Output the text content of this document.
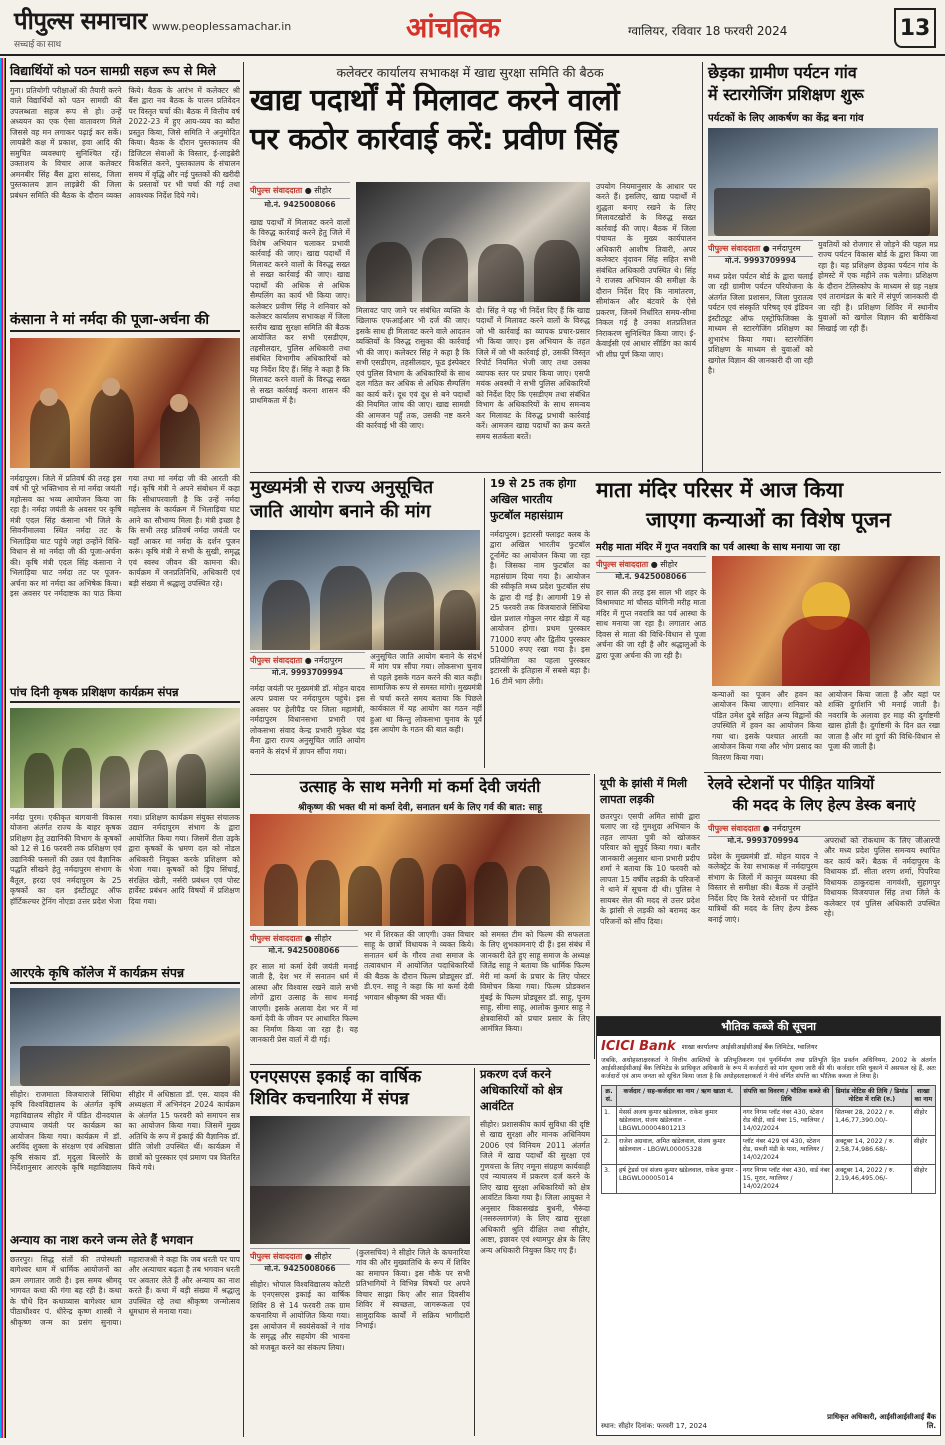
पीपुल्स समाचार
सच्चाई का साथ
www.peoplessamachar.in	आंचलिक	ग्वालियर, रविवार 18 फरवरी 2024	13
विद्यार्थियों को पठन सामग्री सहज रूप से मिले
गुना। प्रतियोगी परीक्षाओं की तैयारी करने वाले विद्यार्थियों को पठन सामग्री की उपलब्धता सहज रूप से हो। उन्हें अध्ययन का एक ऐसा वातावरण मिले जिससे वह मन लगाकर पढ़ाई कर सकें। लायब्रेरी कक्ष में प्रकाश, हवा आदि की समुचित व्यवस्थाएं सुनिश्चित रहें। उक्ताशय के विचार आज कलेक्टर अमनबीर सिंह बैंस द्वारा सांसद, जिला पुस्तकालय ज्ञान लाइब्रेरी की जिला प्रबंधन समिति की बैठक के दौरान व्यक्त किये। बैठक के आरंभ में कलेक्टर श्री बैंस द्वारा नव बैठक के पालन प्रतिवेदन पर विस्तृत चर्चा की। बैठक में वित्तीय वर्ष 2022-23 में हुए आय-व्यय का ब्यौरा प्रस्तुत किया, जिसे समिति ने अनुमोदित किया। बैठक के दौरान पुस्तकालय की डिजिटल सेवाओं के विस्तार, ई-लाइब्रेरी विकसित करने, पुस्तकालय के संचालन समय में वृद्धि और नई पुस्तकों की खरीदी के प्रस्तावों पर भी चर्चा की गई तथा आवश्यक निर्देश दिये गये।
कंसाना ने मां नर्मदा की पूजा-अर्चना की
नर्मदापुरम। जिले में प्रतिवर्ष की तरह इस वर्ष भी पूरे भक्तिभाव से मां नर्मदा जयंती महोत्सव का भव्य आयोजन किया जा रहा है। नर्मदा जयंती के अवसर पर कृषि मंत्री एदल सिंह कंसाना भी जिले के सिवनीमालवा स्थित नर्मदा तट के भिलाड़िया घाट पहुंचे जहां उन्होंने विधि-विधान से मां नर्मदा जी की पूजा-अर्चना की। कृषि मंत्री एदल सिंह कंसाना ने भिलाड़िया घाट नर्मदा तट पर पूजन-अर्चना कर मां नर्मदा का अभिषेक किया। इस अवसर पर नर्मदाष्टक का पाठ किया गया तथा मां नर्मदा जी की आरती की गई। कृषि मंत्री ने अपने संबोधन में कहा कि सीधापरवाली है कि उन्हें नर्मदा महोत्सव के कार्यक्रम में भिलाड़िया घाट आने का सौभाग्य मिला है। मंत्री इच्छा है कि सभी तरह प्रतिवर्ष नर्मदा जयंती पर यहाँ आकर मां नर्मदा के दर्शन पूजन करूं। कृषि मंत्री ने सभी के सुखी, समृद्ध एवं स्वस्थ जीवन की कामना की। कार्यक्रम में जनप्रतिनिधि, अधिकारी एवं बड़ी संख्या में श्रद्धालु उपस्थित रहे।
पांच दिनी कृषक प्रशिक्षण कार्यक्रम संपन्न
नर्मदा पुरम। एकीकृत बागवानी विकास योजना अंतर्गत राज्य के बाहर कृषक प्रशिक्षण हेतु उद्यानिकी विभाग के कृषकों को 12 से 16 फरवरी तक प्रशिक्षण एवं उद्यानिकी फसलों की उन्नत एवं वैज्ञानिक पद्धति सीखने हेतु नर्मदापुरम संभाग के बैतूल, हरदा एवं नर्मदापुरम के 25 कृषकों का दल इंस्टीट्यूट ऑफ हॉर्टिकल्चर ट्रेनिंग नोएडा उत्तर प्रदेश भेजा गया। प्रशिक्षण कार्यक्रम संयुक्त संचालक उद्यान नर्मदापुरम संभाग के द्वारा आयोजित किया गया। जिसमें रीता उइके द्वारा कृषकों के भ्रमण दल को नोडल अधिकारी नियुक्त करके प्रशिक्षण को भेजा गया। कृषकों को ड्रिप सिंचाई, संरक्षित खेती, नर्सरी प्रबंधन एवं पोस्ट हार्वेस्ट प्रबंधन आदि विषयों में प्रशिक्षण दिया गया।
आरएके कृषि कॉलेज में कार्यक्रम संपन्न
सीहोर। राजमाता विजयाराजे सिंधिया कृषि विश्वविद्यालय के अंतर्गत कृषि महाविद्यालय सीहोर में पंडित दीनदयाल उपाध्याय जयंती पर कार्यक्रम का आयोजन किया गया। कार्यक्रम में डॉ. अरविंद शुक्ला के संरक्षण एवं अधिष्ठाता कृषि संकाय डॉ. मृदुला बिल्लोरे के निर्देशानुसार आरएके कृषि महाविद्यालय सीहोर में अधिष्ठाता डॉ. एस. यादव की अध्यक्षता में अभिनंदन 2024 कार्यक्रम के अंतर्गत 15 फरवरी को समापन सत्र का आयोजन किया गया। जिसमें मुख्य अतिथि के रूप में इकाई की वैज्ञानिक डॉ. प्रीति जोशी उपस्थित थीं। कार्यक्रम में छात्रों को पुरस्कार एवं प्रमाण पत्र वितरित किये गये।
अन्याय का नाश करने जन्म लेते हैं भगवान
छतरपुर। सिद्ध संतों की तपोस्थली बागेश्वर धाम में धार्मिक आयोजनों का क्रम लगातार जारी है। इस समय श्रीमद् भागवत कथा की गंगा बह रही है। कथा के चौथे दिन कथाव्यास बागेश्वर धाम पीठाधीश्वर पं. धीरेन्द्र कृष्ण शास्त्री ने श्रीकृष्ण जन्म का प्रसंग सुनाया। महाराजश्री ने कहा कि जब धरती पर पाप और अत्याचार बढ़ता है तब भगवान धरती पर अवतार लेते हैं और अन्याय का नाश करते हैं। कथा में बड़ी संख्या में श्रद्धालु उपस्थित रहे तथा श्रीकृष्ण जन्मोत्सव धूमधाम से मनाया गया।
कलेक्टर कार्यालय सभाकक्ष में खाद्य सुरक्षा समिति की बैठक
खाद्य पदार्थों में मिलावट करने वालों
पर कठोर कार्रवाई करें: प्रवीण सिंह
पीपुल्स संवाददाता ● सीहोर
मो.नं. 9425008066
खाद्य पदार्थों में मिलावट करने वालों के विरुद्ध कार्रवाई करने हेतु जिले में विशेष अभियान चलाकर प्रभावी कार्रवाई की जाए। खाद्य पदार्थों में मिलावट करने वालों के विरुद्ध सख्त से सख्त कार्रवाई की जाए। खाद्य पदार्थों की अधिक से अधिक सैम्पलिंग का कार्य भी किया जाए। कलेक्टर प्रवीण सिंह ने शनिवार को कलेक्टर कार्यालय सभाकक्ष में जिला स्तरीय खाद्य सुरक्षा समिति की बैठक आयोजित कर सभी एसडीएम, तहसीलदार, पुलिस अधिकारी तथा संबंधित विभागीय अधिकारियों को यह निर्देश दिए हैं। सिंह ने कहा है कि मिलावट करने वालों के विरुद्ध सख्त से सख्त कार्रवाई करना शासन की प्राथमिकता में है।
मिलावट पाए जाने पर संबंधित व्यक्ति के खिलाफ एफआईआर भी दर्ज की जाए। इसके साथ ही मिलावट करने वाले आदतन व्यक्तियों के विरुद्ध रासुका की कार्रवाई भी की जाए। कलेक्टर सिंह ने कहा है कि सभी एसडीएम, तहसीलदार, फूड इंस्पेक्टर एवं पुलिस विभाग के अधिकारियों के साथ दल गठित कर अधिक से अधिक सैम्पलिंग का कार्य करें। दूध एवं दूध से बने पदार्थों की नियमित जांच की जाए। खाद्य सामग्री की आमजन पहुँ तक, उसकी नष्ट करने की कार्रवाई भी की जाए।
दो। सिंह ने यह भी निर्देश दिए हैं कि खाद्य पदार्थों में मिलावट करने वालों के विरुद्ध जो भी कार्रवाई का व्यापक प्रचार-प्रसार भी किया जाए। इस अभियान के तहत जिले में जो भी कार्रवाई हो, उसकी विस्तृत रिपोर्ट नियमित भेजी जाए तथा उसका व्यापक स्तर पर प्रचार किया जाए। एसपी मयंक अवस्थी ने सभी पुलिस अधिकारियों को निर्देश दिए कि एसडीएम तथा संबंधित विभाग के अधिकारियों के साथ समन्वय कर मिलावट के विरुद्ध प्रभावी कार्रवाई करें। आमजन खाद्य पदार्थों का क्रय करते समय सतर्कता बरतें।
उपयोग नियमानुसार के आधार पर करते हैं। इसलिए, खाद्य पदार्थों में शुद्धता बनाए रखने के लिए मिलावटखोरों के विरुद्ध सख्त कार्रवाई की जाए। बैठक में जिला पंचायत के मुख्य कार्यपालन अधिकारी आशीष तिवारी, अपर कलेक्टर वृंदावन सिंह सहित सभी संबंधित अधिकारी उपस्थित थे। सिंह ने राजस्व अभियान की समीक्षा के दौरान निर्देश दिए कि नामांतरण, सीमांकन और बंटवारे के ऐसे प्रकरण, जिनमें निर्धारित समय-सीमा निकल गई है उनका शतप्रतिशत निराकरण सुनिश्चित किया जाए। ई-केवाईसी एवं आधार सीडिंग का कार्य भी शीघ्र पूर्ण किया जाए।
मुख्यमंत्री से राज्य अनुसूचित
जाति आयोग बनाने की मांग
पीपुल्स संवाददाता ● नर्मदापुरम
मो.नं. 9993709994
नर्मदा जयंती पर मुख्यमंत्री डॉ. मोहन यादव अल्प प्रवास पर नर्मदापुरम पहुंचे। इस अवसर पर हेलीपैड पर जिला महामंत्री, नर्मदापुरम विधानसभा प्रभारी एवं लोकसभा संवाद केन्द्र प्रभारी मुकेश चंद्र मैना द्वारा राज्य अनुसूचित जाति आयोग बनाने के संदर्भ में ज्ञापन सौंपा गया।
अनुसूचित जाति आयोग बनाने के संदर्भ में मांग पत्र सौंपा गया। लोकसभा चुनाव से पहले इसके गठन करने की बात कही। सामाजिक रूप से समस्त मांगो। मुख्यमंत्री से चर्चा करते समय बताया कि पिछले कार्यकाल में यह आयोग का गठन नहीं हुआ था किन्तु लोकसभा चुनाव के पूर्व इस आयोग के गठन की बात कही।
19 से 25 तक होगा
अखिल भारतीय
फुटबॉल महासंग्राम
नर्मदापुरम। इटारसी फ्लाइट क्लब के द्वारा अखिल भारतीय फुटबॉल टूर्नामेंट का आयोजन किया जा रहा है। जिसका नाम फुटबॉल का महासंग्राम दिया गया है। आयोजन की स्वीकृति मध्य प्रदेश फुटबॉल संघ के द्वारा दी गई है। आगामी 19 से 25 फरवरी तक विजयाराजे सिंधिया खेल प्रशाल गोकुल नगर खेड़ा में यह आयोजन होगा। प्रथम पुरस्कार 71000 रुपए और द्वितीय पुरस्कार 51000 रुपए रखा गया है। इस प्रतियोगिता का पहला पुरस्कार इटारसी के इतिहास में सबसे बड़ा है। 16 टीमें भाग लेंगी।
उत्साह के साथ मनेगी मां कर्मा देवी जयंती
श्रीकृष्ण की भक्त थी मां कर्मा देवी, सनातन धर्म के लिए गर्व की बात: साहू
पीपुल्स संवाददाता ● सीहोर
मो.नं. 9425008066
हर साल मां कर्मा देवी जयंती मनाई जाती है, देश भर में सनातन धर्म में आस्था और विश्वास रखने वाले सभी लोगों द्वारा उत्साह के साथ मनाई जाएगी। इसके अलावा देश भर में मां कर्मा देवी के जीवन पर आधारित फिल्म का निर्माण किया जा रहा है। यह जानकारी प्रेस वार्ता में दी गई।
भर में शिरकत की जाएगी। उक्त विचार साहू के छात्रों विधायक ने व्यक्त किये। सनातन धर्म के गौरव तथा समाज के तत्वावधान में आयोजित पदाधिकारियों की बैठक के दौरान फिल्म प्रोड्यूसर डॉ. डी.एन. साहू ने कहा कि मां कर्मा देवी भगवान श्रीकृष्ण की भक्त थीं।
को समस्त टीम को फिल्म की सफलता के लिए शुभकामनाएं दी हैं। इस संबंध में जानकारी देते हुए साहू समाज के अध्यक्ष जितेंद्र साहू ने बताया कि धार्मिक फिल्म मेरी मां कर्मा के प्रचार के लिए पोस्टर विमोचन किया गया। फिल्म प्रोडक्शन मुंबई के फिल्म प्रोड्यूसर डॉ. साहू, पूनम साहू, सीमा साहू, आलोक कुमार साहू ने क्षेत्रवासियों को प्रचार प्रसार के लिए आमंत्रित किया।
यूपी के झांसी में मिली
लापता लड़की
छतरपुर। एसपी अमित सांघी द्वारा चलाए जा रहे गुमशुदा अभियान के तहत लापता पुत्री को खोजकर परिवार को सुपुर्द किया गया। बतौर जानकारी अनुसार थाना प्रभारी प्रदीप शर्मा ने बताया कि 10 फरवरी को लापता 15 वर्षीय लड़की के परिजनों ने थाने में सूचना दी थी। पुलिस ने सायबर सेल की मदद से उत्तर प्रदेश के झांसी से लड़की को बरामद कर परिजनों को सौंप दिया।
एनएसएस इकाई का वार्षिक
शिविर कचनारिया में संपन्न
पीपुल्स संवाददाता ● सीहोर
मो.नं. 9425008066
सीहोर। भोपाल विश्वविद्यालय कोटरी के एनएसएस इकाई का वार्षिक शिविर 8 से 14 फरवरी तक ग्राम कचनारिया में आयोजित किया गया। इस आयोजन में स्वयंसेवकों ने गांव के समृद्ध और सहयोग की भावना को मजबूत करने का संकल्प लिया।
(कुलसचिव) ने सीहोर जिले के कचनारिया गांव की और मुख्यातिथि के रूप में शिविर का समापन किया। इस मौके पर सभी प्रतिभागियों ने विभिन्न विषयों पर अपने विचार साझा किए और सात दिवसीय शिविर में स्वच्छता, जागरूकता एवं सामुदायिक कार्यों में सक्रिय भागीदारी निभाई।
प्रकरण दर्ज करने
अधिकारियों को क्षेत्र
आवंटित
सीहोर। प्रशासकीय कार्य सुविधा की दृष्टि से खाद्य सुरक्षा और मानक अधिनियम 2006 एवं विनियम 2011 अंतर्गत जिले में खाद्य पदार्थों की सुरक्षा एवं गुणवत्ता के लिए नमूना संग्रहण कार्यवाही एवं न्यायालय में प्रकरण दर्ज करने के लिए खाद्य सुरक्षा अधिकारियों को क्षेत्र आवंटित किया गया है। जिला आयुक्त ने अनुसार विकासखंड बुधनी, भैरूंदा (नसरुल्लागंज) के लिए खाद्य सुरक्षा अधिकारी श्रुति दीक्षित तथा सीहोर, आष्टा, इछावर एवं श्यामपुर क्षेत्र के लिए अन्य अधिकारी नियुक्त किए गए हैं।
छेड़का ग्रामीण पर्यटन गांव
में स्टारगेजिंग प्रशिक्षण शुरू
पर्यटकों के लिए आकर्षण का केंद्र बना गांव
पीपुल्स संवाददाता ● नर्मदापुरम
मो.नं. 9993709994
मध्य प्रदेश पर्यटन बोर्ड के द्वारा चलाई जा रही ग्रामीण पर्यटन परियोजना के अंतर्गत जिला प्रशासन, जिला पुरातत्व पर्यटन एवं संस्कृति परिषद् एवं इंडियन इंस्टीट्यूट ऑफ एस्ट्रोफिजिक्स के माध्यम से स्टारगेजिंग प्रशिक्षण का शुभारंभ किया गया। स्टारगेजिंग प्रशिक्षण के माध्यम से युवाओं को खगोल विज्ञान की जानकारी दी जा रही है।
युवतियों को रोजगार से जोड़ने की पहल मप्र राज्य पर्यटन विकास बोर्ड के द्वारा किया जा रहा है। यह प्रशिक्षण छेड़का पर्यटन गांव के होमस्टे में एक महीने तक चलेगा। प्रशिक्षण के दौरान टेलिस्कोप के माध्यम से ग्रह नक्षत्र एवं तारामंडल के बारे में संपूर्ण जानकारी दी जा रही है। प्रशिक्षण शिविर में स्थानीय युवाओं को खगोल विज्ञान की बारीकियां सिखाई जा रही हैं।
माता मंदिर परिसर में आज किया
जाएगा कन्याओं का विशेष पूजन
मरीह माता मंदिर में गुप्त नवरात्रि का पर्व आस्था के साथ मनाया जा रहा
पीपुल्स संवाददाता ● सीहोर
मो.नं. 9425008066
हर साल की तरह इस साल भी शहर के विश्रामघाट मां चौसठ योगिनी मरीह माता मंदिर में गुप्त नवरात्रि का पर्व आस्था के साथ मनाया जा रहा है। लगातार आठ दिवस से माता की विधि-विधान से पूजा अर्चना की जा रही है और श्रद्धालुओं के द्वारा पूजा अर्चना की जा रही है।
कन्याओं का पूजन और हवन का आयोजन किया जाएगा। शनिवार को पंडित उमेश दुबे सहित अन्य विद्वानों की उपस्थिति में हवन का आयोजन किया गया था। इसके पश्चात आरती का आयोजन किया गया और भोग प्रसाद का वितरण किया गया।
आयोजन किया जाता है और यहां पर शक्ति दुर्गाशनि भी मनाई जाती है। नवरात्रि के अलावा हर माह की दुर्गाष्टमी खास होती है। दुर्गाष्टमी के दिन व्रत रखा जाता है और मां दुर्गा की विधि-विधान से पूजा की जाती है।
रेलवे स्टेशनों पर पीड़ित यात्रियों
की मदद के लिए हेल्प डेस्क बनाएं
पीपुल्स संवाददाता ● नर्मदापुरम
मो.नं. 9993709994
प्रदेश के मुख्यमंत्री डॉ. मोहन यादव ने कलेक्ट्रेट के रेवा सभाकक्ष में नर्मदापुरम संभाग के जिलों में कानून व्यवस्था की विस्तार से समीक्षा की। बैठक में उन्होंने निर्देश दिए कि रेलवे स्टेशनों पर पीड़ित यात्रियों की मदद के लिए हेल्प डेस्क बनाई जाएं।
अपराधों को रोकथाम के लिए जीआरपी और मध्य प्रदेश पुलिस समन्वय स्थापित कर कार्य करें। बैठक में नर्मदापुरम के विधायक डॉ. सीता शरण शर्मा, पिपरिया विधायक ठाकुरदास नागवंशी, सुहागपुर विधायक विजयपाल सिंह तथा जिले के कलेक्टर एवं पुलिस अधिकारी उपस्थित रहे।
भौतिक कब्जे की सूचना
ICICI Bank शाखा कार्यालयः आईसीआईसीआई बैंक लिमिटेड, ग्वालियर
जबकि, अधोहस्ताक्षरकर्ता ने वित्तीय आस्तियों के प्रतिभूतिकरण एवं पुनर्निर्माण तथा प्रतिभूति हित प्रवर्तन अधिनियम, 2002 के अंतर्गत आईसीआईसीआई बैंक लिमिटेड के प्राधिकृत अधिकारी के रूप में कर्जदारों को मांग सूचना जारी की थी। कर्जदार राशि चुकाने में असफल रहे हैं, अतः कर्जदारों एवं आम जनता को सूचित किया जाता है कि अधोहस्ताक्षरकर्ता ने नीचे वर्णित संपत्ति का भौतिक कब्जा ले लिया है।
क्र. सं.	कर्जदार / सह-कर्जदार का नाम / ऋण खाता नं.	संपत्ति का विवरण / भौतिक कब्जे की तिथि	डिमांड नोटिस की तिथि / डिमांड नोटिस में राशि (रु.)	शाखा का नाम
1.	मेसर्स अजय कुमार खंडेलवाल, राकेश कुमार खंडेलवाल, संजय खंडेलवाल - LBGWL00004801213	नगर निगम प्लॉट नंबर 430, स्टेशन रोड बीड़ी, वार्ड नंबर 15, ग्वालियर / 14/02/2024	सितम्बर 28, 2022 / रु. 1,46,77,390.00/-	सीहोर
2.	राजेश अग्रवाल, अमित खंडेलवाल, संजय कुमार खंडेलवाल - LBGWL00005328	प्लॉट नंबर 429 एवं 430, स्टेशन रोड, सब्जी मंडी के पास, ग्वालियर / 14/02/2024	अक्टूबर 14, 2022 / रु. 2,58,74,986.68/-	सीहोर
3.	हर्ष ट्रेडर्स एवं संजय कुमार खंडेलवाल, राकेश कुमार - LBGWL00005014	नगर निगम प्लॉट नंबर 430, वार्ड नंबर 15, मुरार, ग्वालियर / 14/02/2024	अक्टूबर 14, 2022 / रु. 2,19,46,495.06/-	सीहोर
स्थान: सीहोर दिनांक: फरवरी 17, 2024
प्राधिकृत अधिकारी, आईसीआईसीआई बैंक लि.
